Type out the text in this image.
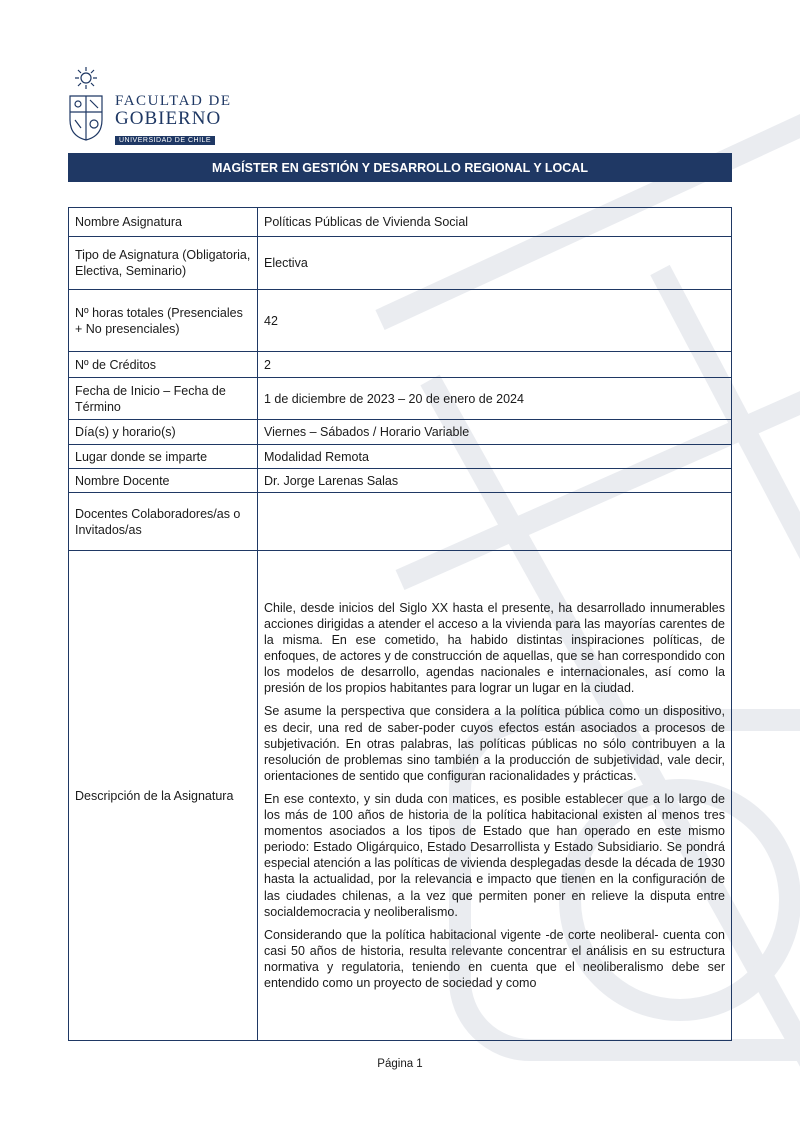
FACULTAD DE
GOBIERNO
UNIVERSIDAD DE CHILE
MAGÍSTER EN GESTIÓN Y DESARROLLO REGIONAL Y LOCAL
Nombre Asignatura	Políticas Públicas de Vivienda Social
Tipo de Asignatura (Obligatoria, Electiva, Seminario)	Electiva
Nº horas totales (Presenciales + No presenciales)	42
Nº de Créditos	2
Fecha de Inicio – Fecha de Término	1 de diciembre de 2023 – 20 de enero de 2024
Día(s) y horario(s)	Viernes – Sábados / Horario Variable
Lugar donde se imparte	Modalidad Remota
Nombre Docente	Dr. Jorge Larenas Salas
Docentes Colaboradores/as o Invitados/as	
Descripción de la Asignatura	Chile, desde inicios del Siglo XX hasta el presente, ha desarrollado innumerables acciones dirigidas a atender el acceso a la vivienda para las mayorías carentes de la misma. En ese cometido, ha habido distintas inspiraciones políticas, de enfoques, de actores y de construcción de aquellas, que se han correspondido con los modelos de desarrollo, agendas nacionales e internacionales, así como la presión de los propios habitantes para lograr un lugar en la ciudad.

Se asume la perspectiva que considera a la política pública como un dispositivo, es decir, una red de saber-poder cuyos efectos están asociados a procesos de subjetivación. En otras palabras, las políticas públicas no sólo contribuyen a la resolución de problemas sino también a la producción de subjetividad, vale decir, orientaciones de sentido que configuran racionalidades y prácticas.

En ese contexto, y sin duda con matices, es posible establecer que a lo largo de los más de 100 años de historia de la política habitacional existen al menos tres momentos asociados a los tipos de Estado que han operado en este mismo periodo: Estado Oligárquico, Estado Desarrollista y Estado Subsidiario. Se pondrá especial atención a las políticas de vivienda desplegadas desde la década de 1930 hasta la actualidad, por la relevancia e impacto que tienen en la configuración de las ciudades chilenas, a la vez que permiten poner en relieve la disputa entre socialdemocracia y neoliberalismo.

Considerando que la política habitacional vigente -de corte neoliberal- cuenta con casi 50 años de historia, resulta relevante concentrar el análisis en su estructura normativa y regulatoria, teniendo en cuenta que el neoliberalismo debe ser entendido como un proyecto de sociedad y como

Página 1
